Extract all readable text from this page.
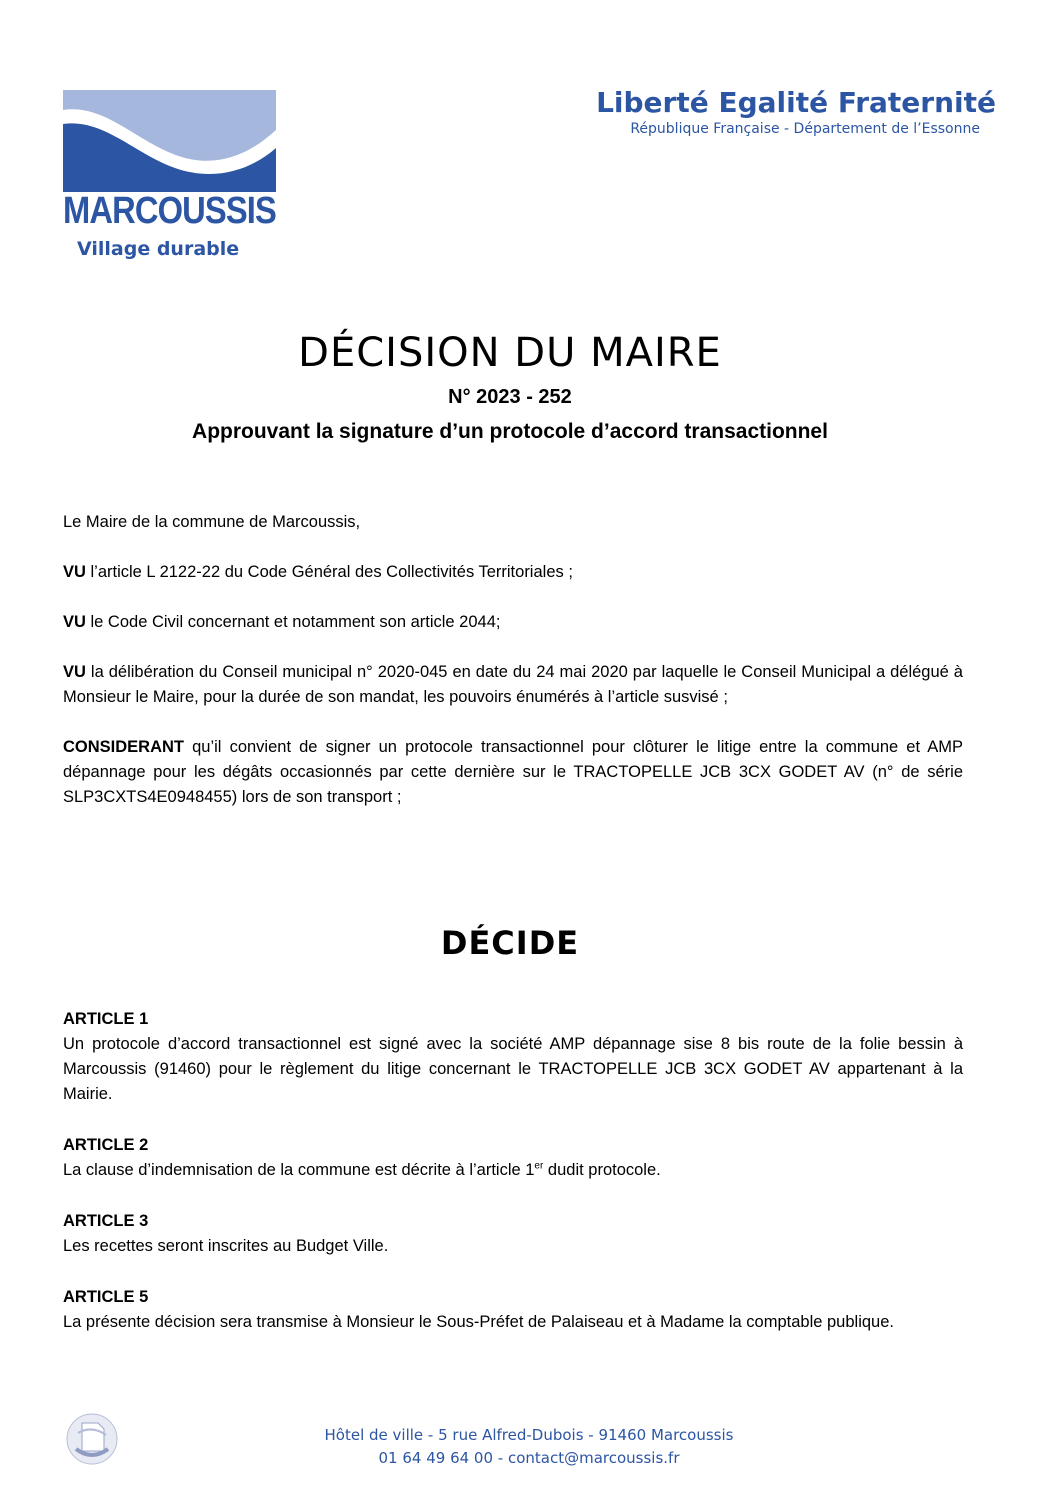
MARCOUSSIS
Village durable
Liberté Egalité Fraternité
République Française - Département de l’Essonne
DÉCISION DU MAIRE
N° 2023 - 252
Approuvant la signature d’un protocole d’accord transactionnel

Le Maire de la commune de Marcoussis,

VU l’article L 2122-22 du Code Général des Collectivités Territoriales ;

VU le Code Civil concernant et notamment son article 2044;

VU la délibération du Conseil municipal n° 2020-045 en date du 24 mai 2020 par laquelle le Conseil Municipal a délégué à Monsieur le Maire, pour la durée de son mandat, les pouvoirs énumérés à l’article susvisé ;

CONSIDERANT qu’il convient de signer un protocole transactionnel pour clôturer le litige entre la commune et AMP dépannage pour les dégâts occasionnés par cette dernière sur le TRACTOPELLE JCB 3CX GODET AV (n° de série SLP3CXTS4E0948455) lors de son transport ;

DÉCIDE
ARTICLE 1
Un protocole d’accord transactionnel est signé avec la société AMP dépannage sise 8 bis route de la folie bessin à Marcoussis (91460) pour le règlement du litige concernant le TRACTOPELLE JCB 3CX GODET AV appartenant à la Mairie.
ARTICLE 2
La clause d’indemnisation de la commune est décrite à l’article 1er dudit protocole.
ARTICLE 3
Les recettes seront inscrites au Budget Ville.
ARTICLE 5
La présente décision sera transmise à Monsieur le Sous-Préfet de Palaiseau et à Madame la comptable publique.
Hôtel de ville - 5 rue Alfred-Dubois - 91460 Marcoussis
01 64 49 64 00 - contact@marcoussis.fr
